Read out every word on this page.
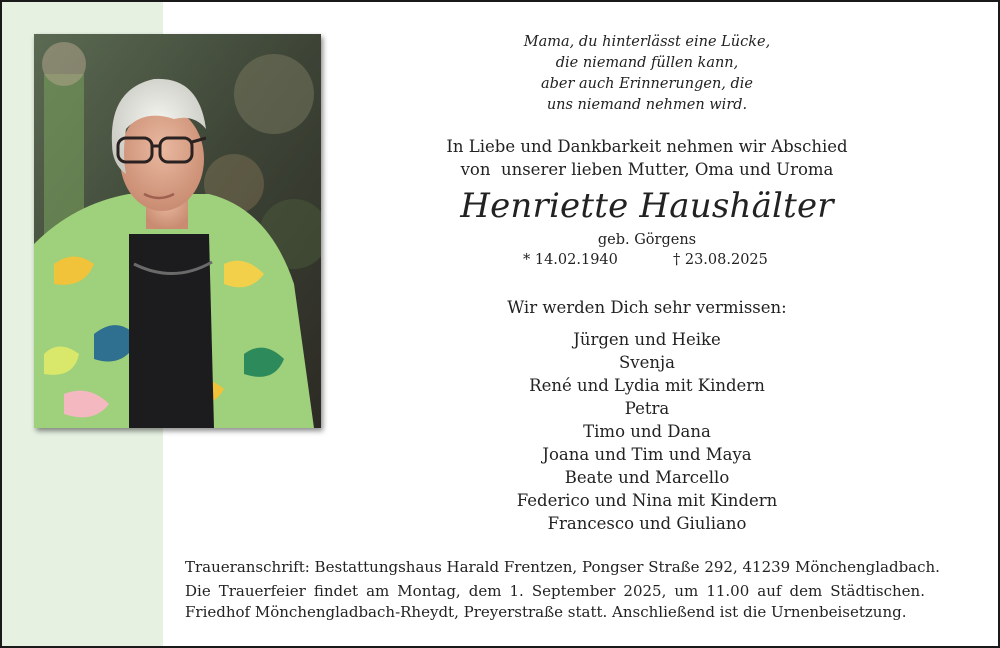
Mama, du hinterlässt eine Lücke,
die niemand füllen kann,
aber auch Erinnerungen, die
uns niemand nehmen wird.
In Liebe und Dankbarkeit nehmen wir Abschied
von  unserer lieben Mutter, Oma und Uroma
Henriette Haushälter
geb. Görgens
* 14.02.1940	† 23.08.2025
Wir werden Dich sehr vermissen:
Jürgen und Heike
Svenja
René und Lydia mit Kindern
Petra
Timo und Dana
Joana und Tim und Maya
Beate und Marcello
Federico und Nina mit Kindern
Francesco und Giuliano
Traueranschrift: Bestattungshaus Harald Frentzen, Pongser Straße 292, 41239 Mönchengladbach.
Die Trauerfeier findet am Montag, dem 1. September 2025, um 11.00 auf dem Städtischen. Friedhof Mönchengladbach-Rheydt, Preyerstraße statt. Anschließend ist die Urnenbeisetzung.
